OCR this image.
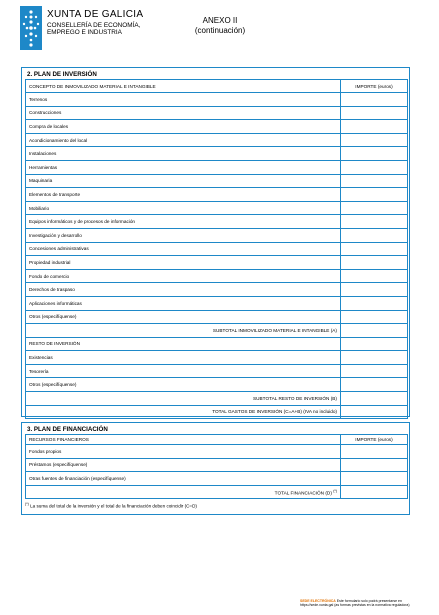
XUNTA DE GALICIA
CONSELLERÍA DE ECONOMÍA,
EMPREGO E INDUSTRIA
ANEXO II
(continuación)
2. PLAN DE INVERSIÓN
CONCEPTO DE INMOVILIZADO MATERIAL E INTANGIBLE	IMPORTE (euros)
Terrenos	
Construcciones	
Compra de locales	
Acondicionamiento del local	
Instalaciones	
Herramientas	
Maquinaria	
Elementos de transporte	
Mobiliario	
Equipos informáticos y de procesos de información	
Investigación y desarrollo	
Concesiones administrativas	
Propiedad industrial	
Fondo de comercio	
Derechos de traspaso	
Aplicaciones informáticas	
Otros (especifíquense)	
SUBTOTAL INMOVILIZADO MATERIAL E INTANGIBLE (A)	
RESTO DE INVERSIÓN	
Existencias	
Tesorería	
Otros (especifíquense)	
SUBTOTAL RESTO DE INVERSIÓN (B)	
TOTAL GASTOS DE INVERSIÓN (C=A+B) (IVA no incluido)	
3. PLAN DE FINANCIACIÓN
RECURSOS FINANCIEROS	IMPORTE (euros)
Fondos propios	
Préstamos (especifíquense)	
Otras fuentes de financiación (especifíquense)	
TOTAL FINANCIACIÓN (D) (*)	
(*) La suma del total de la inversión y el total de la financiación deben coincidir (C=D)
SEDE ELECTRÓNICA Este formulario solo podrá presentarse en
https://sede.xunta.gal (as formas previstas en la normativa reguladora)
